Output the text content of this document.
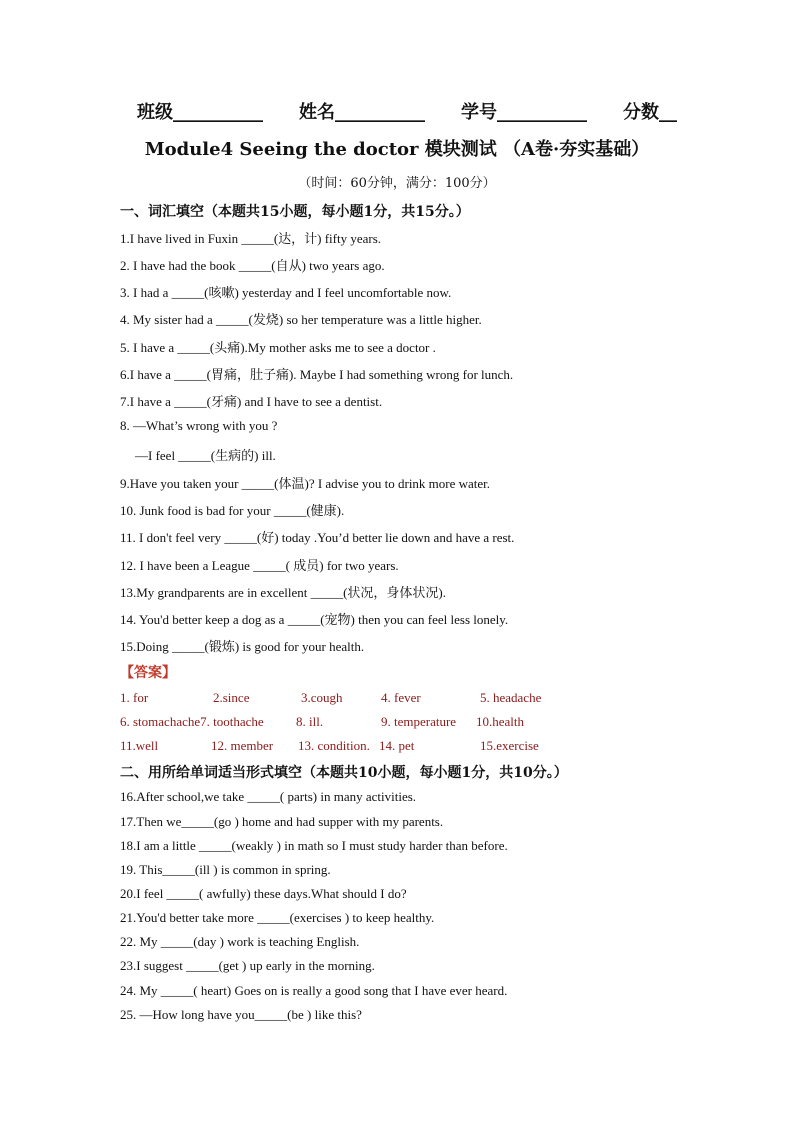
班级__________ 姓名__________ 学号__________ 分数__
Module4 Seeing the doctor 模块测试 （A卷·夯实基础）
（时间：60分钟，满分：100分）
一、词汇填空（本题共15小题，每小题1分，共15分。）
1.I have lived in Fuxin _____(达，计) fifty years.
2. I have had the book _____(自从) two years ago.
3. I had a _____(咳嗽) yesterday and I feel uncomfortable now.
4. My sister had a _____(发烧) so her temperature was a little higher.
5. I have a _____(头痛).My mother asks me to see a doctor .
6.I have a _____(胃痛，肚子痛). Maybe I had something wrong for lunch.
7.I have a _____(牙痛) and I have to see a dentist.
8. —What’s wrong with you ?
—I feel _____(生病的) ill.
9.Have you taken your _____(体温)? I advise you to drink more water.
10. Junk food is bad for your _____(健康).
11. I don't feel very _____(好) today .You’d better lie down and have a rest.
12. I have been a League _____( 成员) for two years.
13.My grandparents are in excellent _____(状况，身体状况).
14. You'd better keep a dog as a _____(宠物) then you can feel less lonely.
15.Doing _____(锻炼) is good for your health.
【答案】
1. for	2.since	3.cough	4. fever	5. headache
6. stomachache7. toothache 8. ill.	9. temperature 10.health
11.well	12. member 13. condition. 14. pet	15.exercise
二、用所给单词适当形式填空（本题共10小题，每小题1分，共10分。）
16.After school,we take _____( parts) in many activities.
17.Then we_____(go ) home and had supper with my parents.
18.I am a little _____(weakly ) in math so I must study harder than before.
19. This_____(ill ) is common in spring.
20.I feel _____( awfully) these days.What should I do?
21.You'd better take more _____(exercises ) to keep healthy.
22. My _____(day ) work is teaching English.
23.I suggest _____(get ) up early in the morning.
24. My _____( heart) Goes on is really a good song that I have ever heard.
25. —How long have you_____(be ) like this?
